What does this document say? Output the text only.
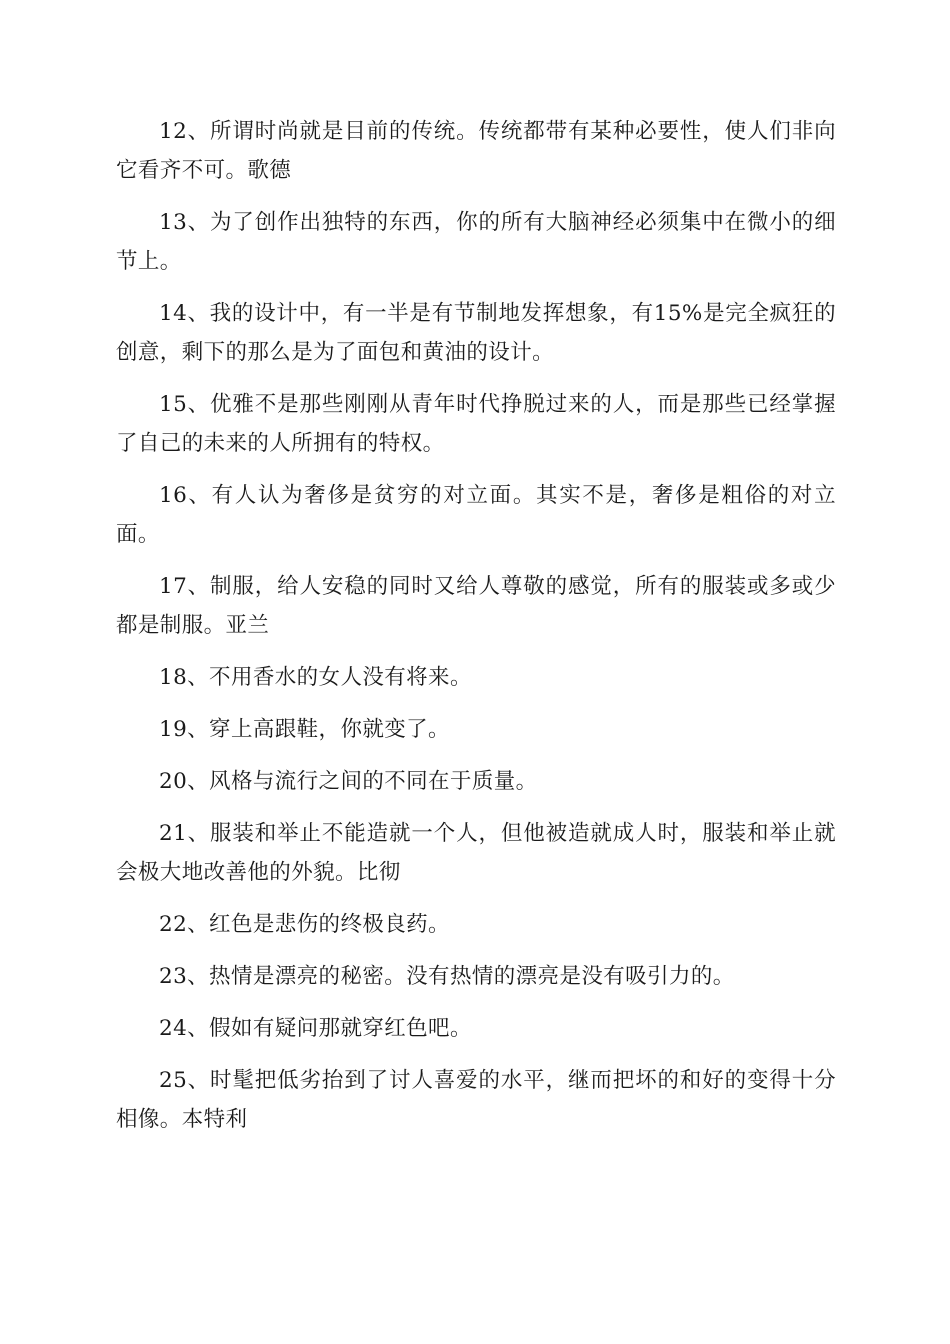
12、所谓时尚就是目前的传统。传统都带有某种必要性，使人们非向它看齐不可。歌德

13、为了创作出独特的东西，你的所有大脑神经必须集中在微小的细节上。

14、我的设计中，有一半是有节制地发挥想象，有15%是完全疯狂的创意，剩下的那么是为了面包和黄油的设计。

15、优雅不是那些刚刚从青年时代挣脱过来的人，而是那些已经掌握了自己的未来的人所拥有的特权。

16、有人认为奢侈是贫穷的对立面。其实不是，奢侈是粗俗的对立面。

17、制服，给人安稳的同时又给人尊敬的感觉，所有的服装或多或少都是制服。亚兰

18、不用香水的女人没有将来。

19、穿上高跟鞋，你就变了。

20、风格与流行之间的不同在于质量。

21、服装和举止不能造就一个人，但他被造就成人时，服装和举止就会极大地改善他的外貌。比彻

22、红色是悲伤的终极良药。

23、热情是漂亮的秘密。没有热情的漂亮是没有吸引力的。

24、假如有疑问那就穿红色吧。

25、时髦把低劣抬到了讨人喜爱的水平，继而把坏的和好的变得十分相像。本特利
